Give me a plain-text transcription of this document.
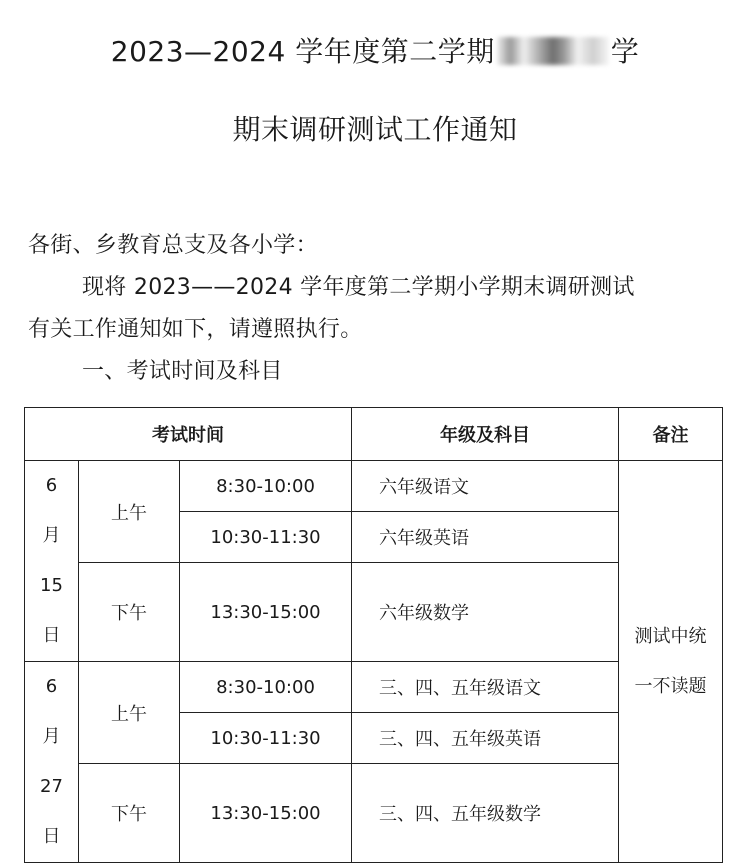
2023—2024 学年度第二学期	学
期末调研测试工作通知
各街、乡教育总支及各小学：
现将 2023——2024 学年度第二学期小学期末调研测试
有关工作通知如下，请遵照执行。
一、考试时间及科目
考试时间			年级及科目	备注

6
月
15
日	上午	8:30-10:00	六年级语文	测试中统
一不读题

		10:30-11:30	六年级英语	
	下午	13:30-15:00	六年级数学	

6
月
27
日	上午	8:30-10:00	三、四、五年级语文	
		10:30-11:30	三、四、五年级英语	
	下午	13:30-15:00	三、四、五年级数学	
